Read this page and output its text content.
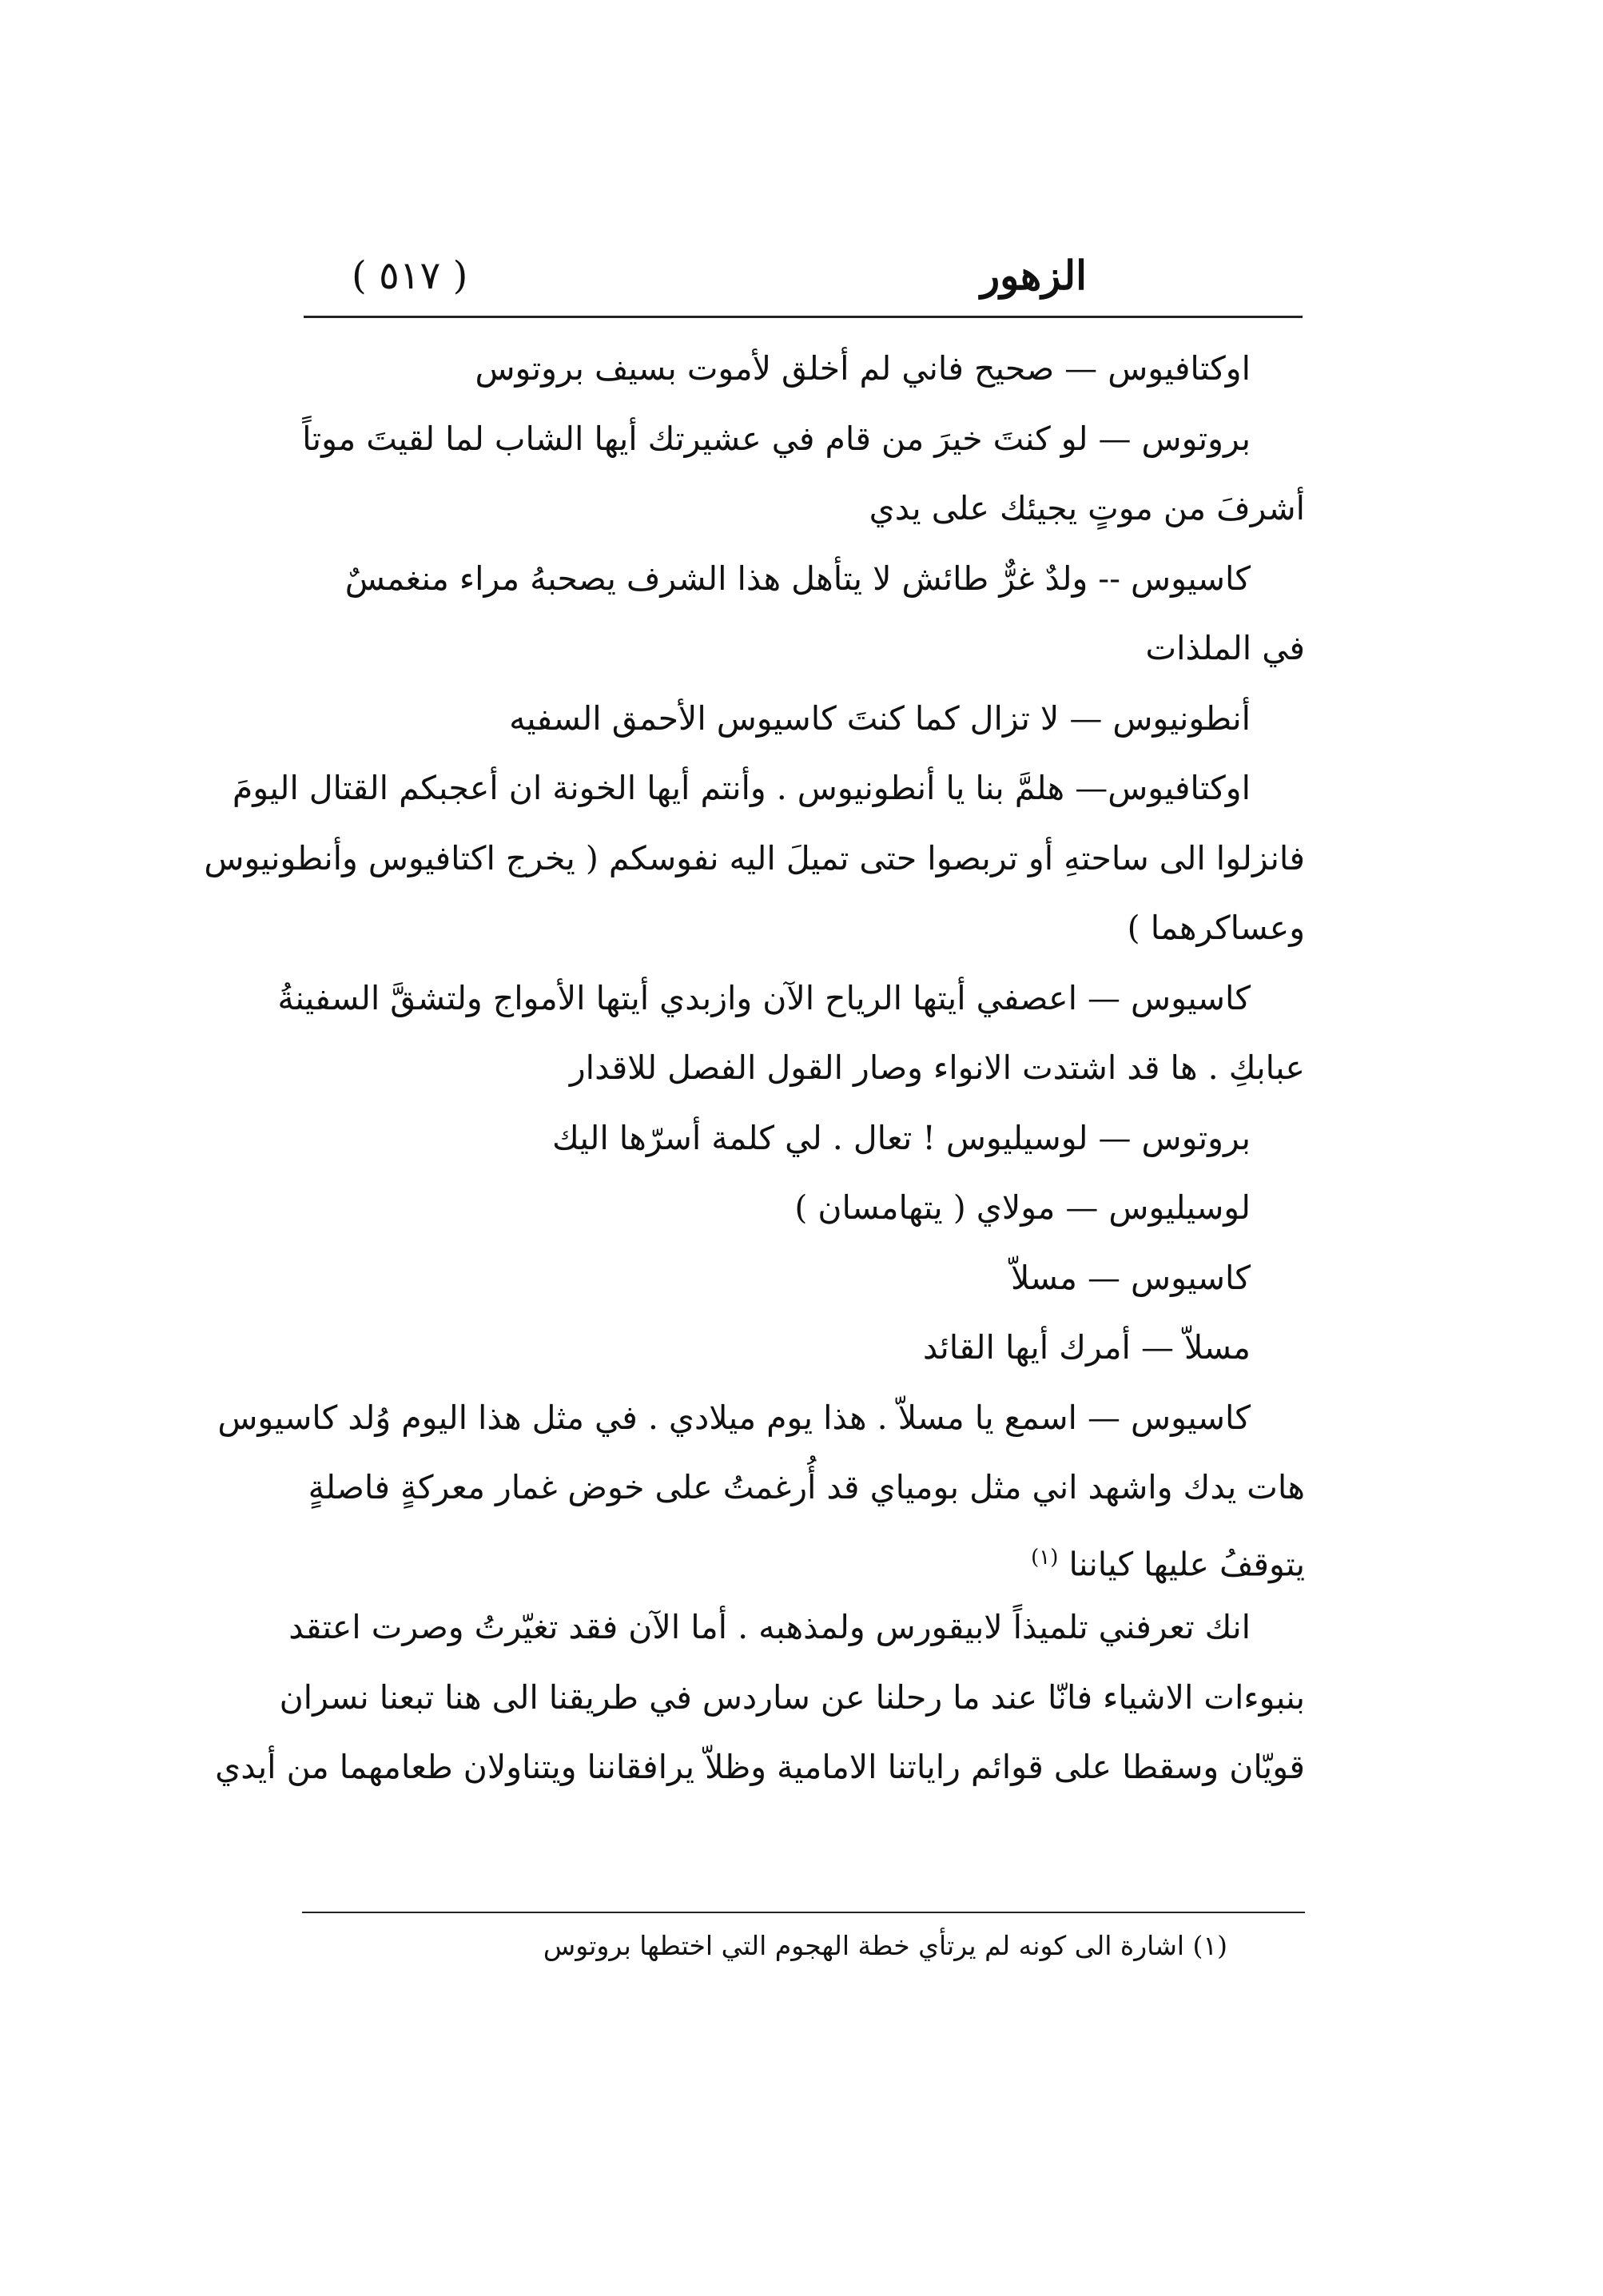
الزهور
( ٥١٧ )
اوكتافيوس — صحيح فاني لم أخلق لأموت بسيف بروتوس
بروتوس — لو كنتَ خيرَ من قام في عشيرتك أيها الشاب لما لقيتَ موتاً
أشرفَ من موتٍ يجيئك على يدي
كاسيوس -- ولدٌ غرٌّ طائش لا يتأهل هذا الشرف يصحبهُ مراء منغمسٌ
في الملذات
أنطونيوس — لا تزال كما كنتَ كاسيوس الأحمق السفيه
اوكتافيوس— هلمَّ بنا يا أنطونيوس . وأنتم أيها الخونة ان أعجبكم القتال اليومَ
فانزلوا الى ساحتهِ أو تربصوا حتى تميلَ اليه نفوسكم ( يخرج اكتافيوس وأنطونيوس
وعساكرهما )
كاسيوس — اعصفي أيتها الرياح الآن وازبدي أيتها الأمواج ولتشقَّ السفينةُ
عبابكِ . ها قد اشتدت الانواء وصار القول الفصل للاقدار
بروتوس — لوسيليوس ! تعال . لي كلمة أسرّها اليك
لوسيليوس — مولاي ( يتهامسان )
كاسيوس — مسلاّ
مسلاّ — أمرك أيها القائد
كاسيوس — اسمع يا مسلاّ . هذا يوم ميلادي . في مثل هذا اليوم وُلد كاسيوس
هات يدك واشهد اني مثل بومياي قد أُرغمتُ على خوض غمار معركةٍ فاصلةٍ
يتوقفُ عليها كياننا $^{(١)}$
انك تعرفني تلميذاً لابيقورس ولمذهبه . أما الآن فقد تغيّرتُ وصرت اعتقد
بنبوءات الاشياء فانّا عند ما رحلنا عن ساردس في طريقنا الى هنا تبعنا نسران
قويّان وسقطا على قوائم راياتنا الامامية وظلاّ يرافقاننا ويتناولان طعامهما من أيدي
(١) اشارة الى كونه لم يرتأي خطة الهجوم التي اختطها بروتوس
